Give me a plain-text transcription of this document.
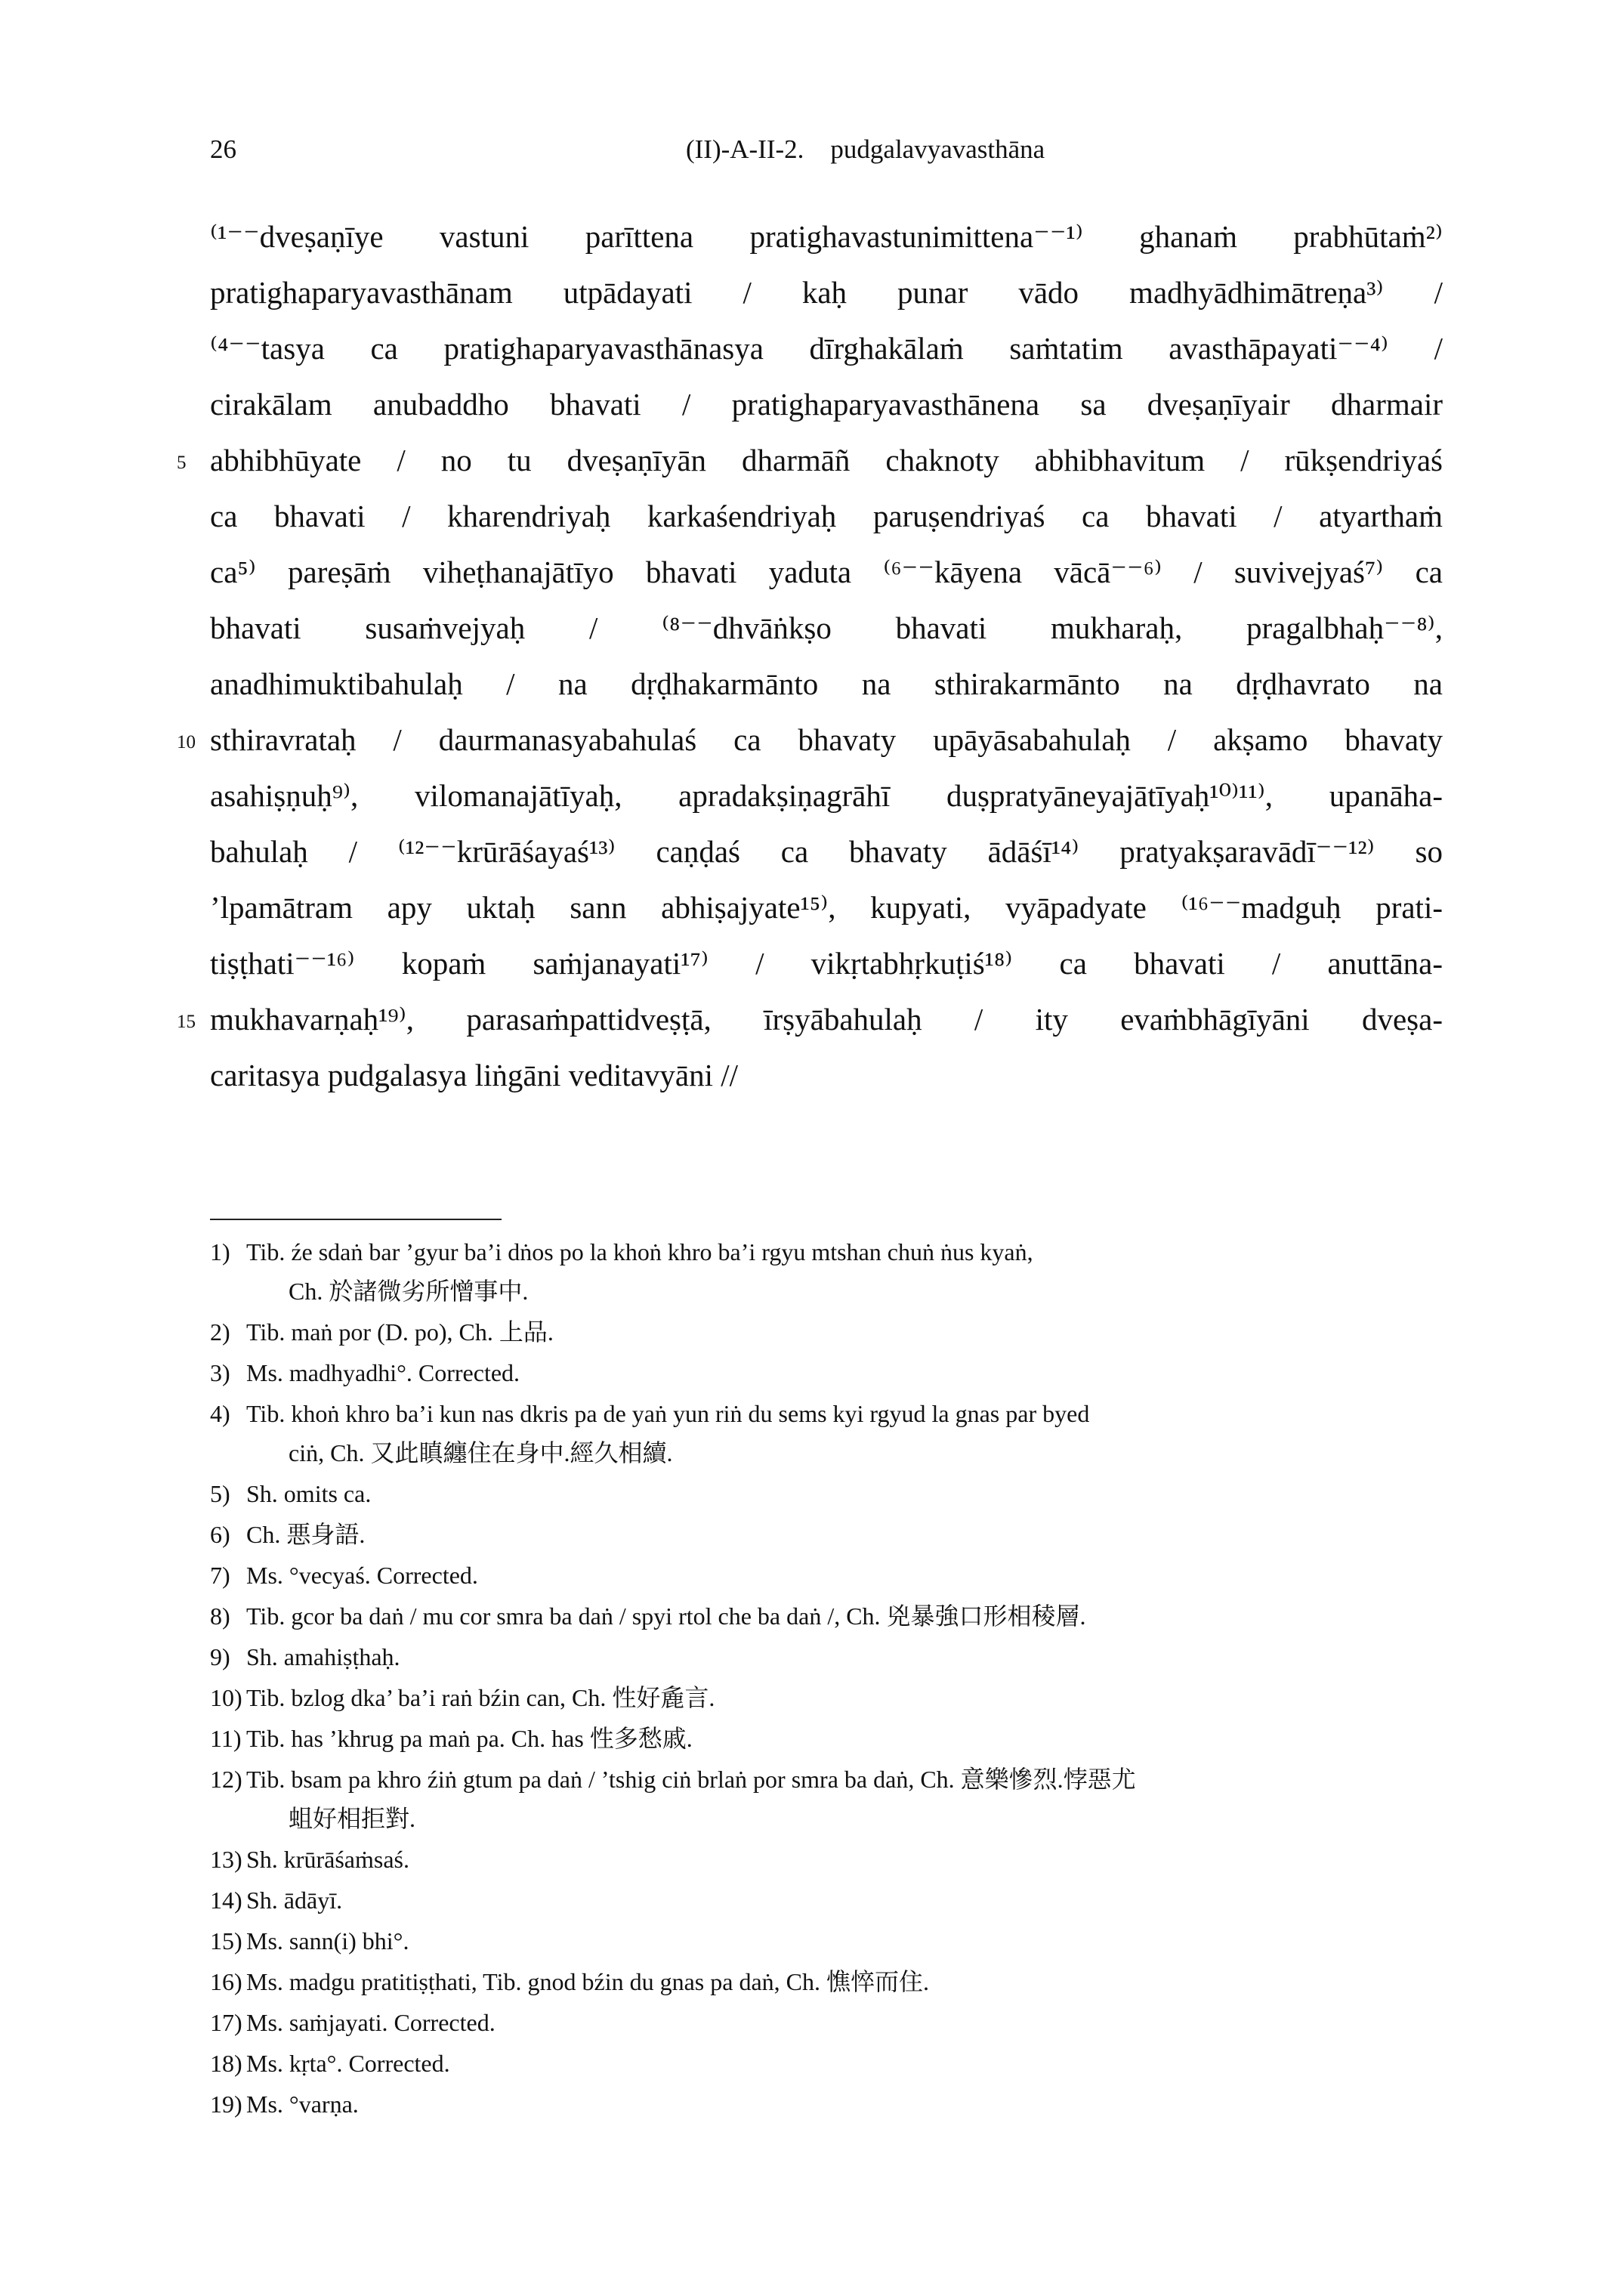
26	(II)-A-II-2.    pudgalavyavasthāna
⁽¹⁻⁻dveṣaṇīye vastuni parīttena pratighavastunimittena⁻⁻¹⁾ ghanaṁ prabhūtaṁ²⁾
pratighaparyavasthānam utpādayati / kaḥ punar vādo madhyādhimātreṇa³⁾ /
⁽⁴⁻⁻tasya ca pratighaparyavasthānasya dīrghakālaṁ saṁtatim avasthāpayati⁻⁻⁴⁾ /
cirakālam anubaddho bhavati / pratighaparyavasthānena sa dveṣaṇīyair dharmair
5 abhibhūyate / no tu dveṣaṇīyān dharmāñ chaknoty abhibhavitum / rūkṣendriyaś
ca bhavati / kharendriyaḥ karkaśendriyaḥ paruṣendriyaś ca bhavati / atyarthaṁ
ca⁵⁾ pareṣāṁ viheṭhanajātīyo bhavati yaduta ⁽⁶⁻⁻kāyena vācā⁻⁻⁶⁾ / suvivejyaś⁷⁾ ca
bhavati susaṁvejyaḥ / ⁽⁸⁻⁻dhvāṅkṣo bhavati mukharaḥ, pragalbhaḥ⁻⁻⁸⁾,
anadhimuktibahulaḥ / na dṛḍhakarmānto na sthirakarmānto na dṛḍhavrato na
10 sthiravrataḥ / daurmanasyabahulaś ca bhavaty upāyāsabahulaḥ / akṣamo bhavaty
asahiṣṇuḥ⁹⁾, vilomanajātīyaḥ, apradakṣiṇagrāhī duṣpratyāneyajātīyaḥ¹⁰⁾¹¹⁾, upanāha-
bahulaḥ / ⁽¹²⁻⁻krūrāśayaś¹³⁾ caṇḍaś ca bhavaty ādāśī¹⁴⁾ pratyakṣaravādī⁻⁻¹²⁾ so
’lpamātram apy uktaḥ sann abhiṣajyate¹⁵⁾, kupyati, vyāpadyate ⁽¹⁶⁻⁻madguḥ prati-
tiṣṭhati⁻⁻¹⁶⁾ kopaṁ saṁjanayati¹⁷⁾ / vikṛtabhṛkuṭiś¹⁸⁾ ca bhavati / anuttāna-
15 mukhavarṇaḥ¹⁹⁾, parasaṁpattidveṣṭā, īrṣyābahulaḥ / ity evaṁbhāgīyāni dveṣa-
caritasya pudgalasya liṅgāni veditavyāni //
1) Tib. źe sdaṅ bar ’gyur ba’i dṅos po la khoṅ khro ba’i rgyu mtshan chuṅ ṅus kyaṅ,
Ch. 於諸微劣所憎事中.
2) Tib. maṅ por (D. po), Ch. 上品.
3) Ms. madhyadhi°. Corrected.
4) Tib. khoṅ khro ba’i kun nas dkris pa de yaṅ yun riṅ du sems kyi rgyud la gnas par byed
ciṅ, Ch. 又此瞋纏住在身中.經久相續.
5) Sh. omits ca.
6) Ch. 悪身語.
7) Ms. °vecyaś. Corrected.
8) Tib. gcor ba daṅ / mu cor smra ba daṅ / spyi rtol che ba daṅ /, Ch. 兇暴強口形相稜層.
9) Sh. amahiṣṭhaḥ.
10) Tib. bzlog dka’ ba’i raṅ bźin can, Ch. 性好麁言.
11) Tib. has ’khrug pa maṅ pa. Ch. has 性多愁戚.
12) Tib. bsam pa khro źiṅ gtum pa daṅ / ’tshig ciṅ brlaṅ por smra ba daṅ, Ch. 意樂慘烈.悖惡尤
蛆好相拒對.
13) Sh. krūrāśaṁsaś.
14) Sh. ādāyī.
15) Ms. sann(i) bhi°.
16) Ms. madgu pratitiṣṭhati, Tib. gnod bźin du gnas pa daṅ, Ch. 憔悴而住.
17) Ms. saṁjayati. Corrected.
18) Ms. kṛta°. Corrected.
19) Ms. °varṇa.
